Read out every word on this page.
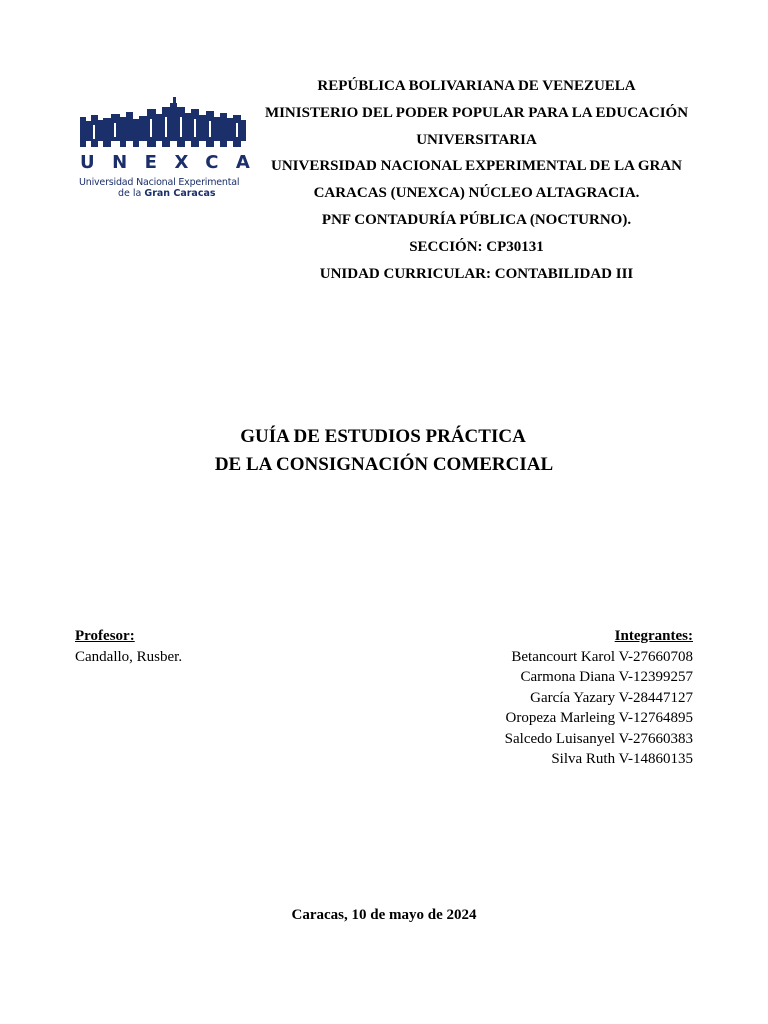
UNEXCA
Universidad Nacional Experimental
de la Gran Caracas
REPÚBLICA BOLIVARIANA DE VENEZUELA
MINISTERIO DEL PODER POPULAR PARA LA EDUCACIÓN
UNIVERSITARIA
UNIVERSIDAD NACIONAL EXPERIMENTAL DE LA GRAN
CARACAS (UNEXCA) NÚCLEO ALTAGRACIA.
PNF CONTADURÍA PÚBLICA (NOCTURNO).
SECCIÓN: CP30131
UNIDAD CURRICULAR: CONTABILIDAD III
GUÍA DE ESTUDIOS PRÁCTICA
DE LA CONSIGNACIÓN COMERCIAL
Profesor:
Candallo, Rusber.
Integrantes:
Betancourt Karol V-27660708
Carmona Diana V-12399257
García Yazary V-28447127
Oropeza Marleing V-12764895
Salcedo Luisanyel V-27660383
Silva Ruth V-14860135
Caracas, 10 de mayo de 2024
